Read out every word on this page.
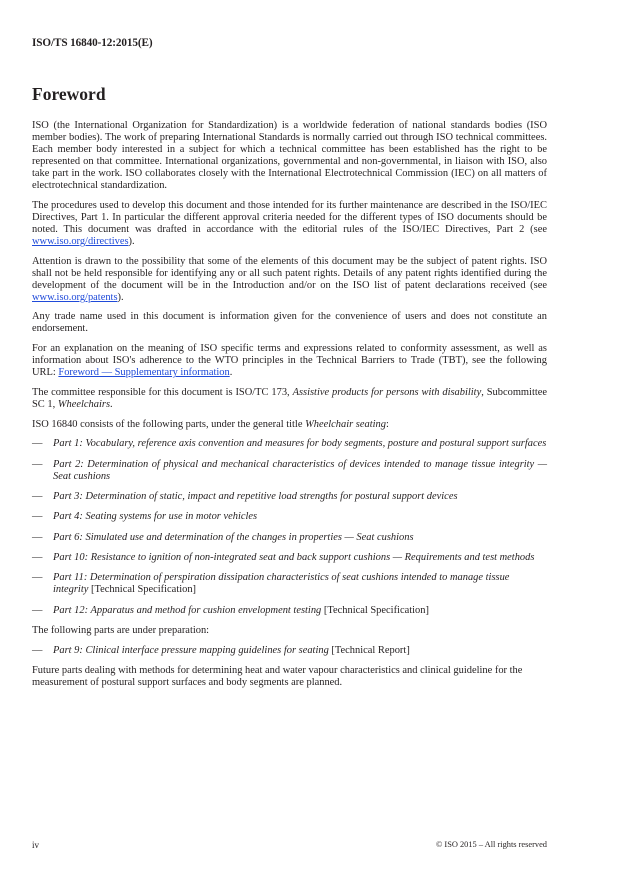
ISO/TS 16840-12:2015(E)
Foreword

ISO (the International Organization for Standardization) is a worldwide federation of national standards bodies (ISO member bodies). The work of preparing International Standards is normally carried out through ISO technical committees. Each member body interested in a subject for which a technical committee has been established has the right to be represented on that committee. International organizations, governmental and non-governmental, in liaison with ISO, also take part in the work. ISO collaborates closely with the International Electrotechnical Commission (IEC) on all matters of electrotechnical standardization.

The procedures used to develop this document and those intended for its further maintenance are described in the ISO/IEC Directives, Part 1. In particular the different approval criteria needed for the different types of ISO documents should be noted. This document was drafted in accordance with the editorial rules of the ISO/IEC Directives, Part 2 (see www.iso.org/directives).

Attention is drawn to the possibility that some of the elements of this document may be the subject of patent rights. ISO shall not be held responsible for identifying any or all such patent rights. Details of any patent rights identified during the development of the document will be in the Introduction and/or on the ISO list of patent declarations received (see www.iso.org/patents).

Any trade name used in this document is information given for the convenience of users and does not constitute an endorsement.

For an explanation on the meaning of ISO specific terms and expressions related to conformity assessment, as well as information about ISO's adherence to the WTO principles in the Technical Barriers to Trade (TBT), see the following URL: Foreword — Supplementary information.

The committee responsible for this document is ISO/TC 173, Assistive products for persons with disability, Subcommittee SC 1, Wheelchairs.

ISO 16840 consists of the following parts, under the general title Wheelchair seating:

—	Part 1: Vocabulary, reference axis convention and measures for body segments, posture and postural support surfaces
—	Part 2: Determination of physical and mechanical characteristics of devices intended to manage tissue integrity — Seat cushions
—	Part 3: Determination of static, impact and repetitive load strengths for postural support devices
—	Part 4: Seating systems for use in motor vehicles
—	Part 6: Simulated use and determination of the changes in properties — Seat cushions
—	Part 10: Resistance to ignition of non-integrated seat and back support cushions — Requirements and test methods
—	Part 11: Determination of perspiration dissipation characteristics of seat cushions intended to manage tissue integrity [Technical Specification]
—	Part 12: Apparatus and method for cushion envelopment testing [Technical Specification]

The following parts are under preparation:

—	Part 9: Clinical interface pressure mapping guidelines for seating [Technical Report]

Future parts dealing with methods for determining heat and water vapour characteristics and clinical guideline for the measurement of postural support surfaces and body segments are planned.

iv	© ISO 2015 – All rights reserved
